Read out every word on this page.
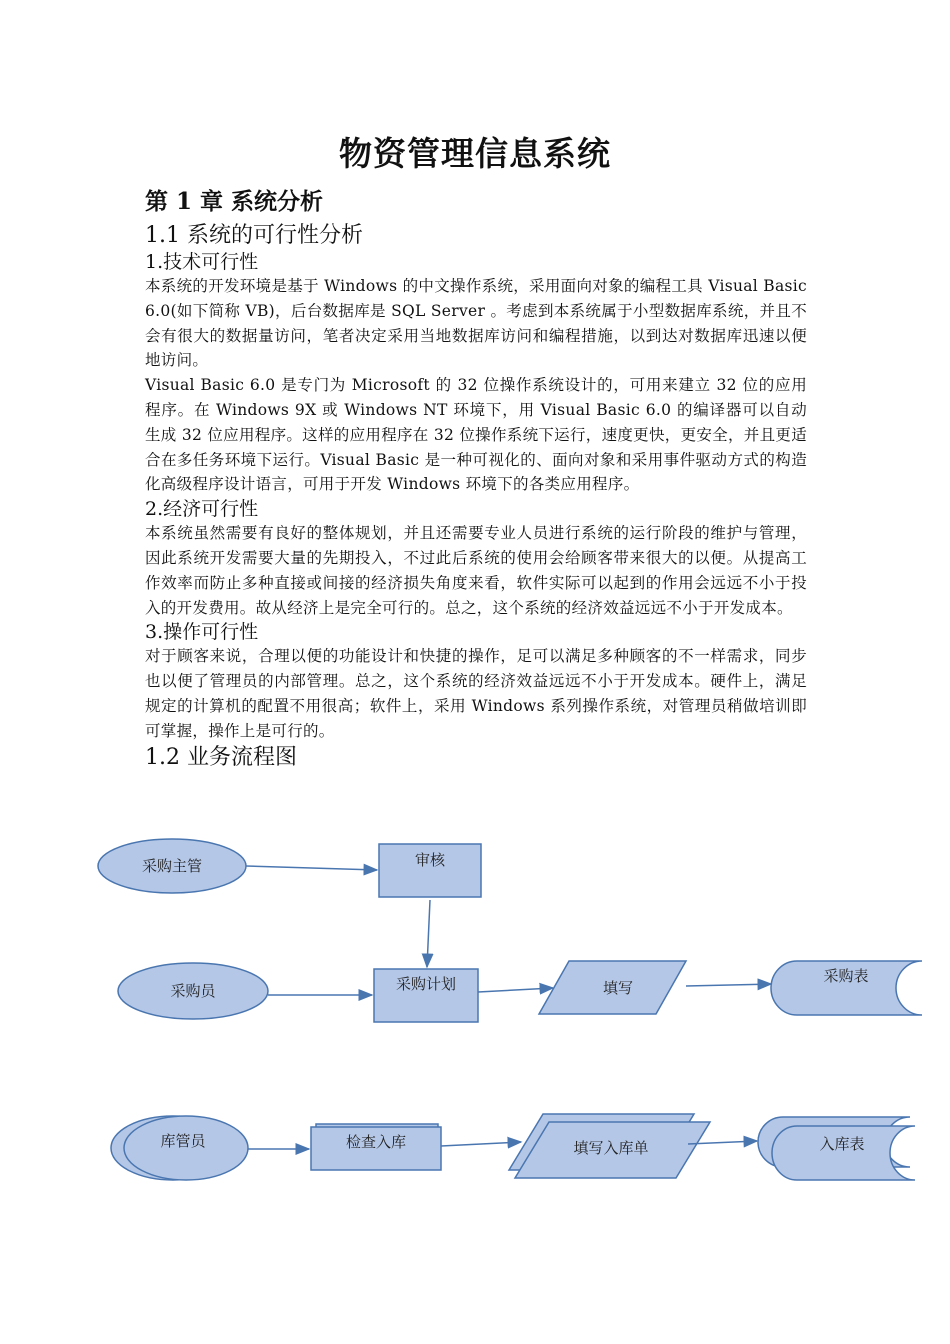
物资管理信息系统
第 1 章 系统分析

1.1 系统的可行性分析

1.技术可行性

本系统的开发环境是基于 Windows 的中文操作系统，采用面向对象的编程工具 Visual Basic 6.0(如下简称 VB)，后台数据库是 SQL Server 。考虑到本系统属于小型数据库系统，并且不会有很大的数据量访问，笔者决定采用当地数据库访问和编程措施，以到达对数据库迅速以便地访问。

Visual Basic 6.0 是专门为 Microsoft 的 32 位操作系统设计的，可用来建立 32 位的应用程序。在 Windows 9X 或 Windows NT 环境下，用 Visual Basic 6.0 的编译器可以自动生成 32 位应用程序。这样的应用程序在 32 位操作系统下运行，速度更快，更安全，并且更适合在多任务环境下运行。Visual Basic 是一种可视化的、面向对象和采用事件驱动方式的构造化高级程序设计语言，可用于开发 Windows 环境下的各类应用程序。

2.经济可行性

本系统虽然需要有良好的整体规划，并且还需要专业人员进行系统的运行阶段的维护与管理，因此系统开发需要大量的先期投入，不过此后系统的使用会给顾客带来很大的以便。从提高工作效率而防止多种直接或间接的经济损失角度来看，软件实际可以起到的作用会远远不小于投入的开发费用。故从经济上是完全可行的。总之，这个系统的经济效益远远不小于开发成本。

3.操作可行性

对于顾客来说，合理以便的功能设计和快捷的操作，足可以满足多种顾客的不一样需求，同步也以便了管理员的内部管理。总之，这个系统的经济效益远远不小于开发成本。硬件上，满足规定的计算机的配置不用很高；软件上，采用 Windows 系列操作系统，对管理员稍做培训即可掌握，操作上是可行的。

1.2 业务流程图

采购主管	审核
采购员	采购计划	填写
采购表
库管员	检查入库	填写入库单	入库表
